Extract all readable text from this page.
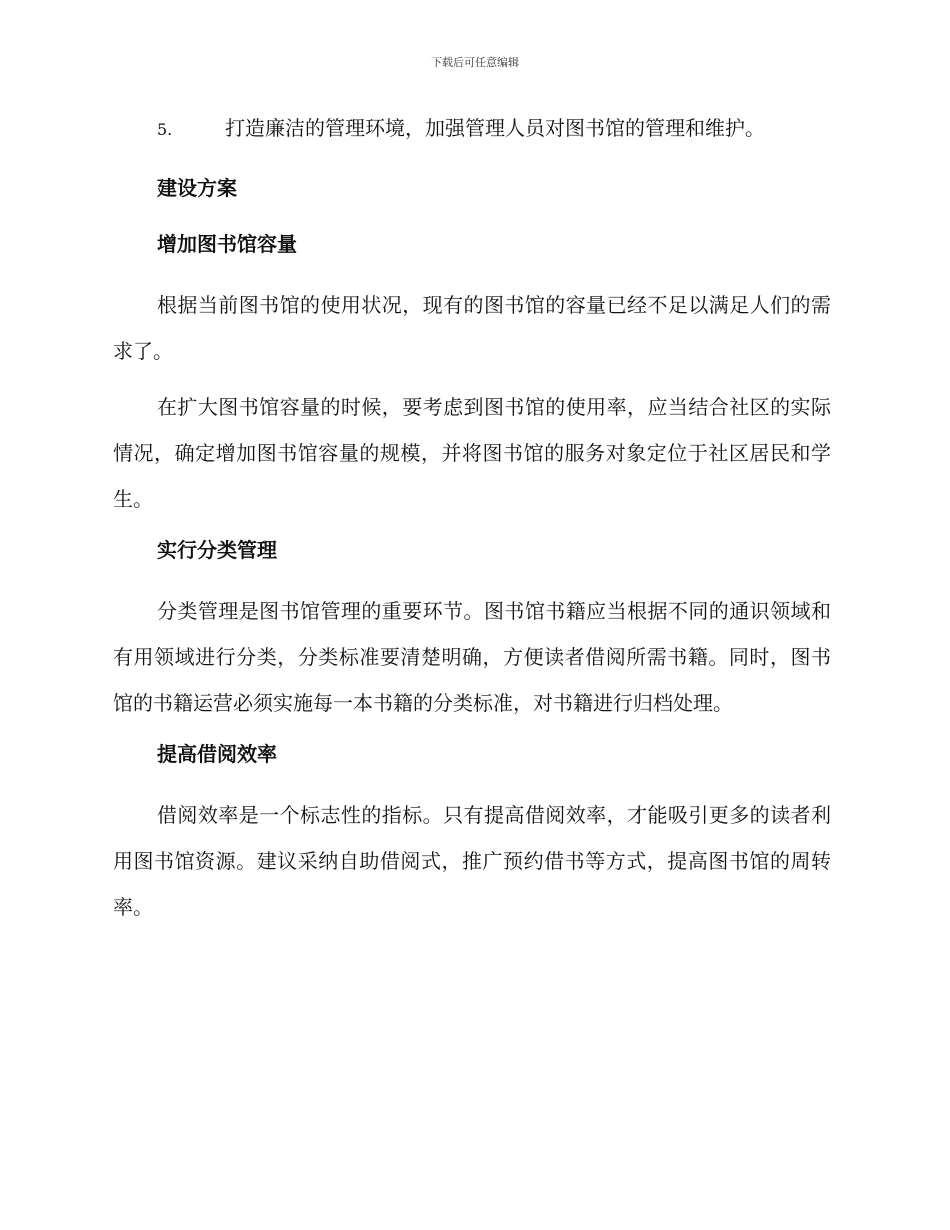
下载后可任意编辑
5.	打造廉洁的管理环境，加强管理人员对图书馆的管理和维护。
建设方案
增加图书馆容量

根据当前图书馆的使用状况，现有的图书馆的容量已经不足以满足人们的需求了。

在扩大图书馆容量的时候，要考虑到图书馆的使用率，应当结合社区的实际情况，确定增加图书馆容量的规模，并将图书馆的服务对象定位于社区居民和学生。

实行分类管理

分类管理是图书馆管理的重要环节。图书馆书籍应当根据不同的通识领域和有用领域进行分类，分类标准要清楚明确，方便读者借阅所需书籍。同时，图书馆的书籍运营必须实施每一本书籍的分类标准，对书籍进行归档处理。

提高借阅效率

借阅效率是一个标志性的指标。只有提高借阅效率，才能吸引更多的读者利用图书馆资源。建议采纳自助借阅式，推广预约借书等方式，提高图书馆的周转率。
